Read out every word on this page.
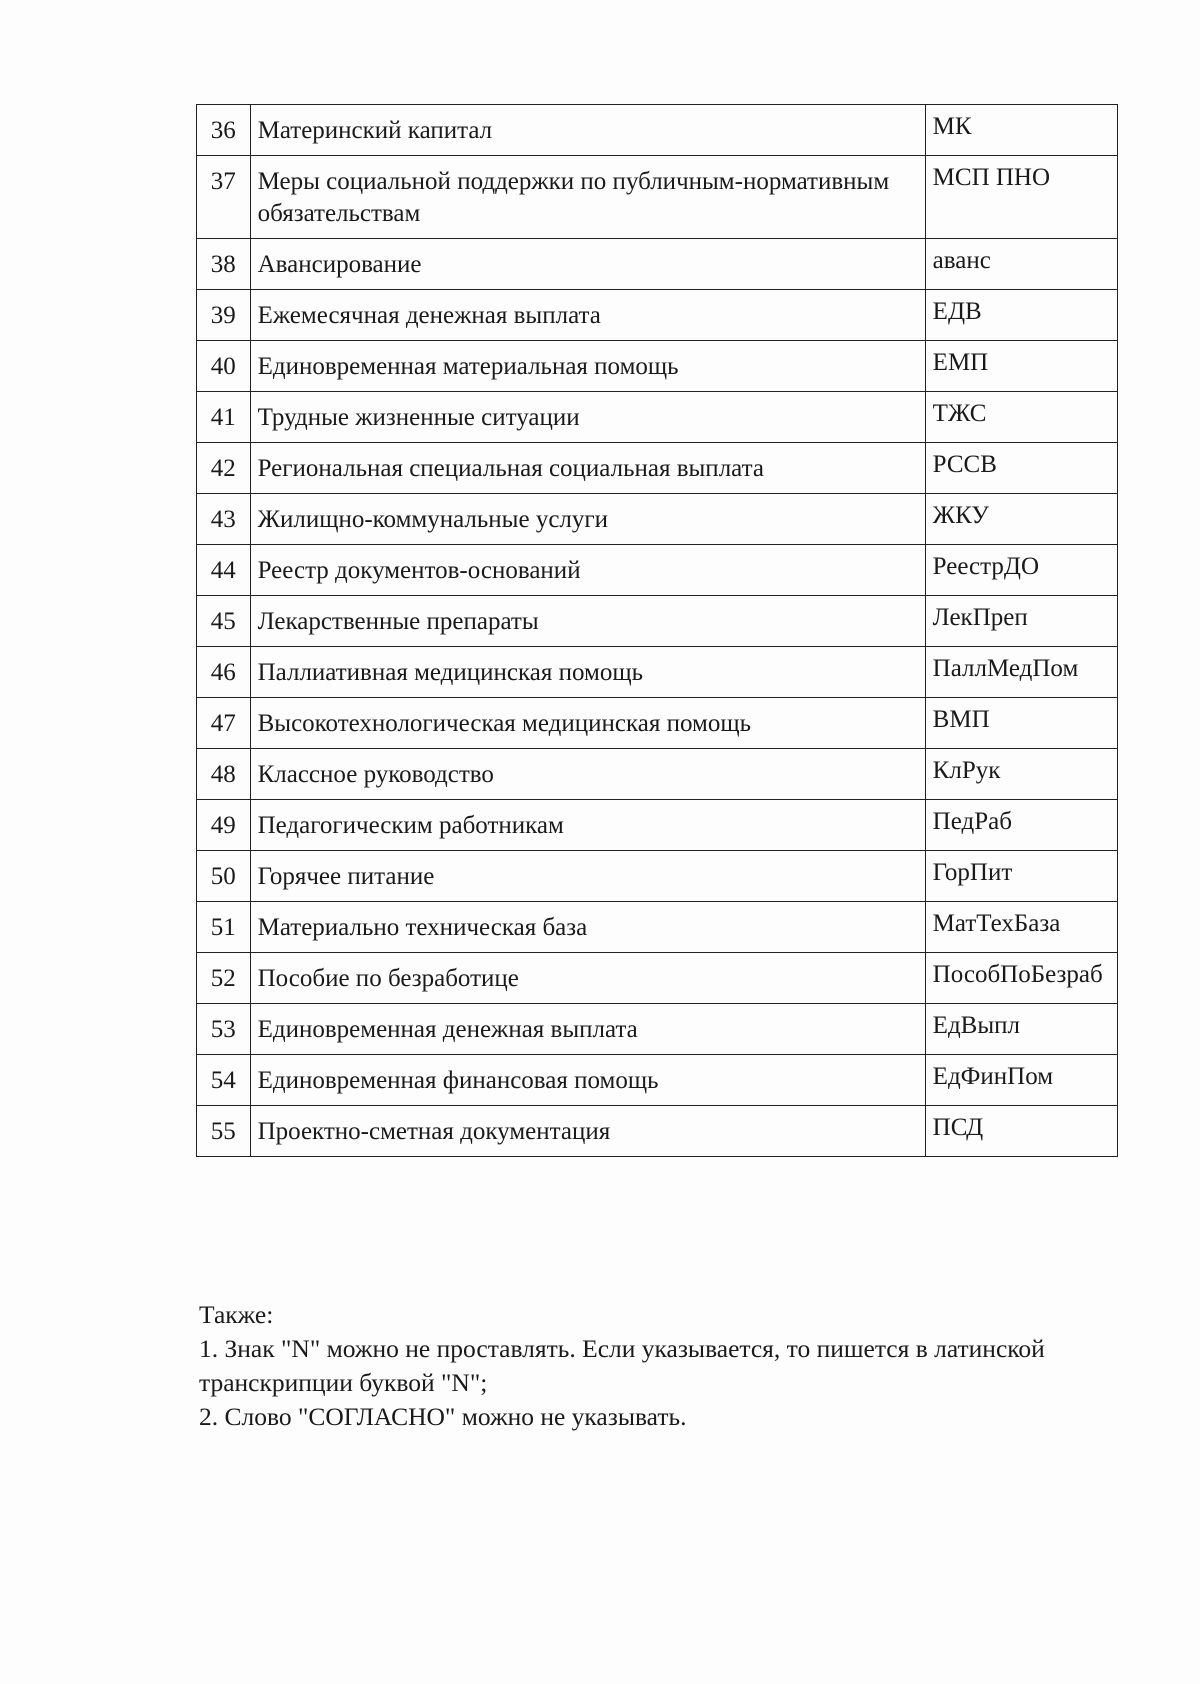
36	Материнский капитал	МК
37	Меры социальной поддержки по публичным-нормативным обязательствам	МСП ПНО
38	Авансирование	аванс
39	Ежемесячная денежная выплата	ЕДВ
40	Единовременная материальная помощь	ЕМП
41	Трудные жизненные ситуации	ТЖС
42	Региональная специальная социальная выплата	РССВ
43	Жилищно-коммунальные услуги	ЖКУ
44	Реестр документов-оснований	РеестрДО
45	Лекарственные препараты	ЛекПреп
46	Паллиативная медицинская помощь	ПаллМедПом
47	Высокотехнологическая медицинская помощь	ВМП
48	Классное руководство	КлРук
49	Педагогическим работникам	ПедРаб
50	Горячее питание	ГорПит
51	Материально техническая база	МатТехБаза
52	Пособие по безработице	ПособПоБезраб
53	Единовременная денежная выплата	ЕдВыпл
54	Единовременная финансовая помощь	ЕдФинПом
55	Проектно-сметная документация	ПСД

Также:

1. Знак "N" можно не проставлять. Если указывается, то пишется в латинской транскрипции буквой "N";

2. Слово "СОГЛАСНО" можно не указывать.
